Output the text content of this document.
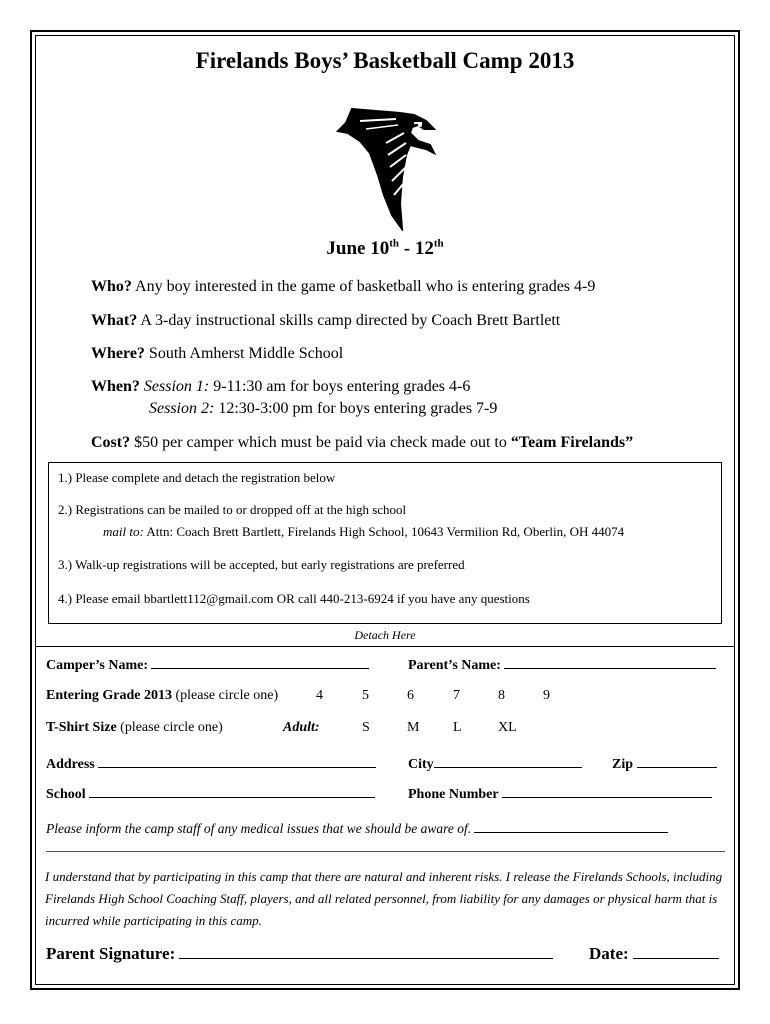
Firelands Boys’ Basketball Camp 2013
June 10th - 12th
Who? Any boy interested in the game of basketball who is entering grades 4-9
What? A 3-day instructional skills camp directed by Coach Brett Bartlett
Where? South Amherst Middle School
When? Session 1: 9-11:30 am for boys entering grades 4-6
Session 2: 12:30-3:00 pm for boys entering grades 7-9
Cost? $50 per camper which must be paid via check made out to “Team Firelands”
1.) Please complete and detach the registration below
2.) Registrations can be mailed to or dropped off at the high school
mail to: Attn: Coach Brett Bartlett, Firelands High School, 10643 Vermilion Rd, Oberlin, OH 44074
3.) Walk-up registrations will be accepted, but early registrations are preferred
4.) Please email bbartlett112@gmail.com OR call 440-213-6924 if you have any questions
Detach Here
Camper’s Name:	Parent’s Name:
Entering Grade 2013 (please circle one)	4	5	6	7	8	9
T-Shirt Size (please circle one)	Adult:	S	M L	XL
Address	City	Zip
School	Phone Number
Please inform the camp staff of any medical issues that we should be aware of.
I understand that by participating in this camp that there are natural and inherent risks. I release the Firelands Schools, including Firelands High School Coaching Staff, players, and all related personnel, from liability for any damages or physical harm that is incurred while participating in this camp.
Parent Signature:	Date:
